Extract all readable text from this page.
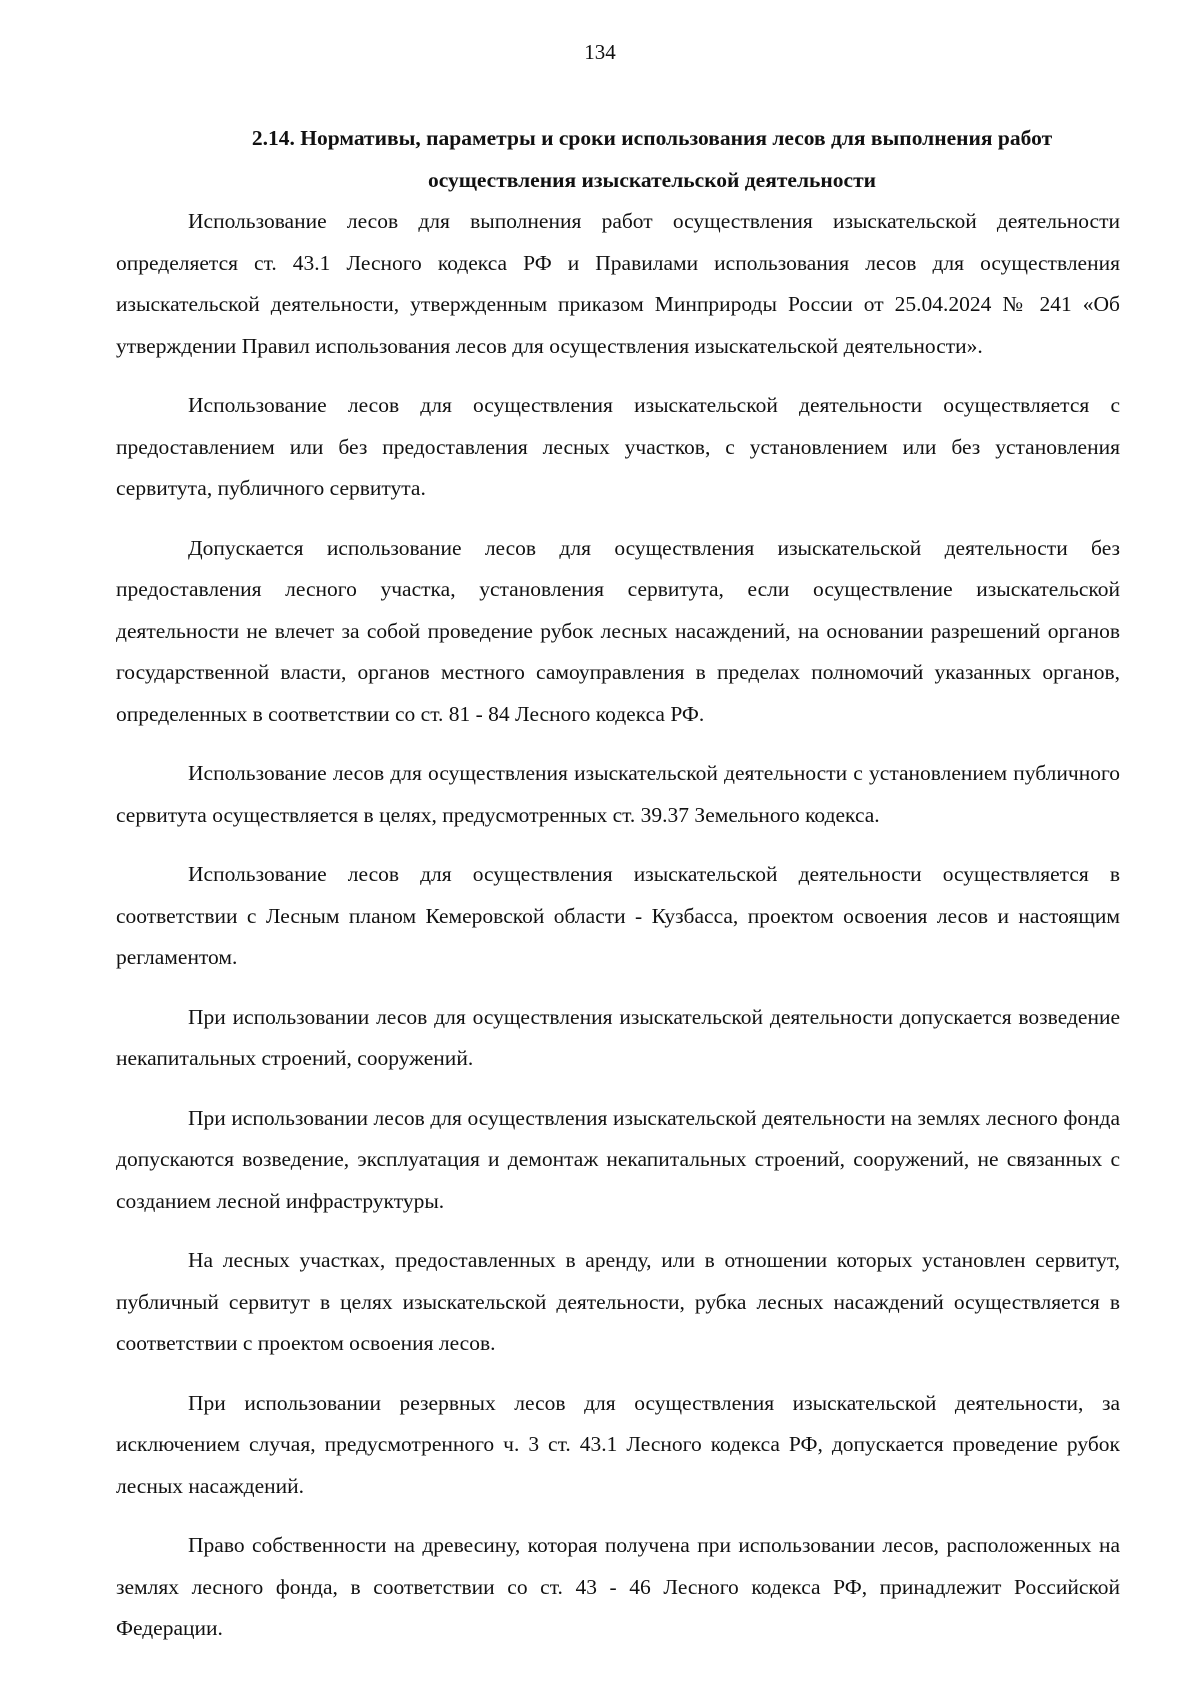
134
2.14. Нормативы, параметры и сроки использования лесов для выполнения работ осуществления изыскательской деятельности

Использование лесов для выполнения работ осуществления изыскательской деятельности определяется ст. 43.1 Лесного кодекса РФ и Правилами использования лесов для осуществления изыскательской деятельности, утвержденным приказом Минприроды России от 25.04.2024 № 241 «Об утверждении Правил использования лесов для осуществления изыскательской деятельности».

Использование лесов для осуществления изыскательской деятельности осуществляется с предоставлением или без предоставления лесных участков, с установлением или без установления сервитута, публичного сервитута.

Допускается использование лесов для осуществления изыскательской деятельности без предоставления лесного участка, установления сервитута, если осуществление изыскательской деятельности не влечет за собой проведение рубок лесных насаждений, на основании разрешений органов государственной власти, органов местного самоуправления в пределах полномочий указанных органов, определенных в соответствии со ст. 81 - 84 Лесного кодекса РФ.

Использование лесов для осуществления изыскательской деятельности с установлением публичного сервитута осуществляется в целях, предусмотренных ст. 39.37 Земельного кодекса.

Использование лесов для осуществления изыскательской деятельности осуществляется в соответствии с Лесным планом Кемеровской области - Кузбасса, проектом освоения лесов и настоящим регламентом.

При использовании лесов для осуществления изыскательской деятельности допускается возведение некапитальных строений, сооружений.

При использовании лесов для осуществления изыскательской деятельности на землях лесного фонда допускаются возведение, эксплуатация и демонтаж некапитальных строений, сооружений, не связанных с созданием лесной инфраструктуры.

На лесных участках, предоставленных в аренду, или в отношении которых установлен сервитут, публичный сервитут в целях изыскательской деятельности, рубка лесных насаждений осуществляется в соответствии с проектом освоения лесов.

При использовании резервных лесов для осуществления изыскательской деятельности, за исключением случая, предусмотренного ч. 3 ст. 43.1 Лесного кодекса РФ, допускается проведение рубок лесных насаждений.

Право собственности на древесину, которая получена при использовании лесов, расположенных на землях лесного фонда, в соответствии со ст. 43 - 46 Лесного кодекса РФ, принадлежит Российской Федерации.
